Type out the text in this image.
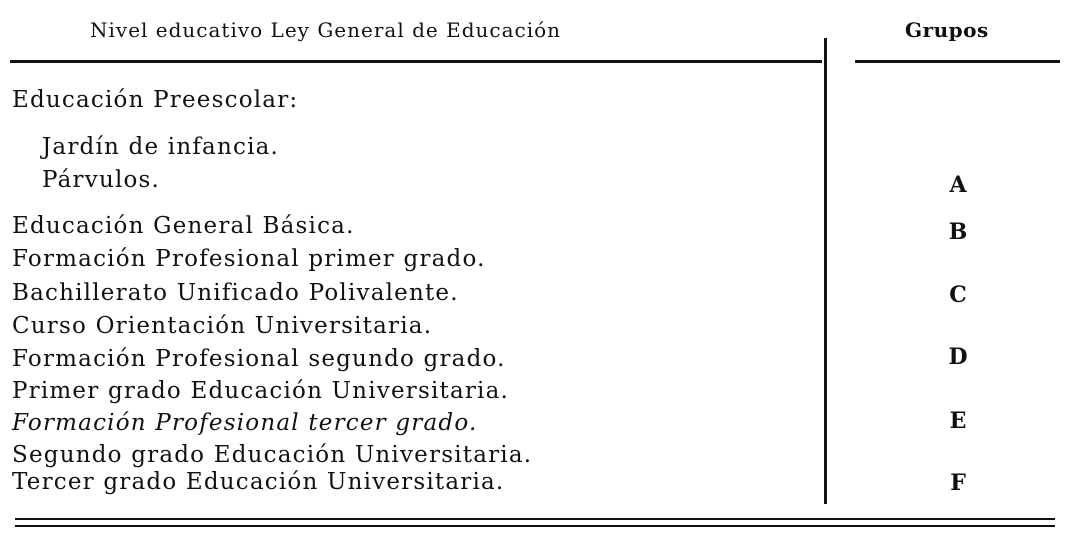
Nivel educativo Ley General de Educación	Grupos
Educación Preescolar:
Jardín de infancia.
Párvulos.
Educación General Básica.
Formación Profesional primer grado.
Bachillerato Unificado Polivalente.
Curso Orientación Universitaria.
Formación Profesional segundo grado.
Primer grado Educación Universitaria.
Formación Profesional tercer grado.
Segundo grado Educación Universitaria.
Tercer grado Educación Universitaria.
A
B
C
D
E
F
